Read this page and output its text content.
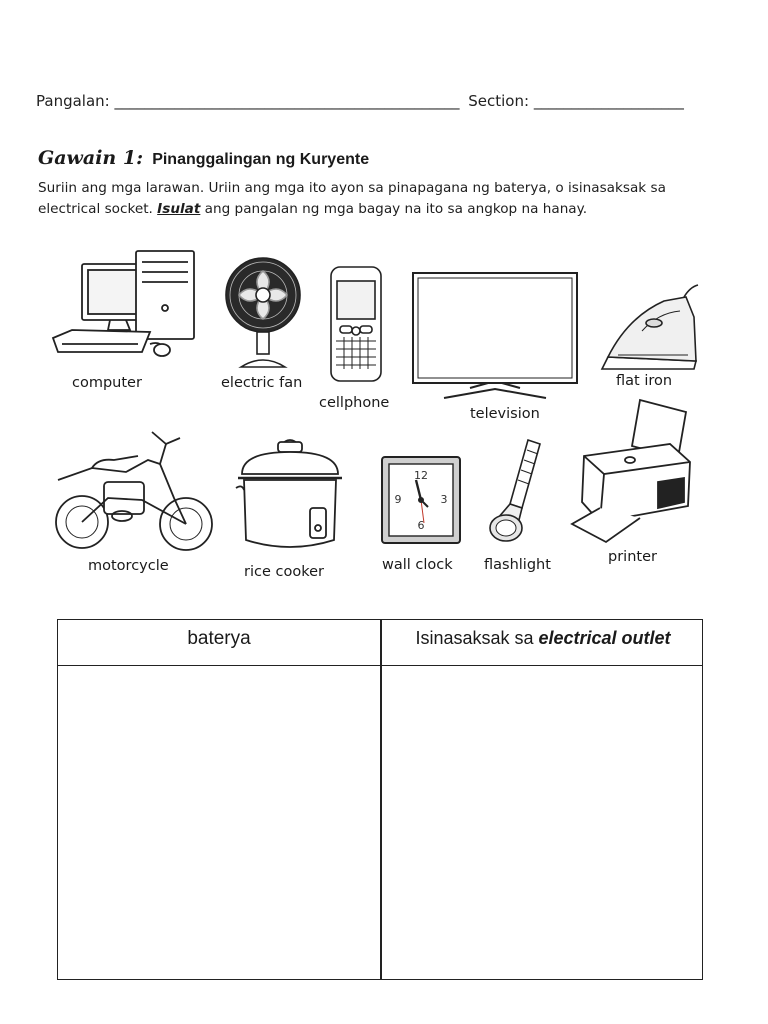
Pangalan: ______________________________________________ Section: ____________________
Gawain 1: Pinanggalingan ng Kuryente
Suriin ang mga larawan. Uriin ang mga ito ayon sa pinapagana ng baterya, o isinasaksak sa
electrical socket. Isulat ang pangalan ng mga bagay na ito sa angkop na hanay.
computer	electric fan
cellphone
television
flat iron
motorcycle	rice cooker
12
3
6
9
wall clock flashlight	printer
baterya	Isinasaksak sa electrical outlet
